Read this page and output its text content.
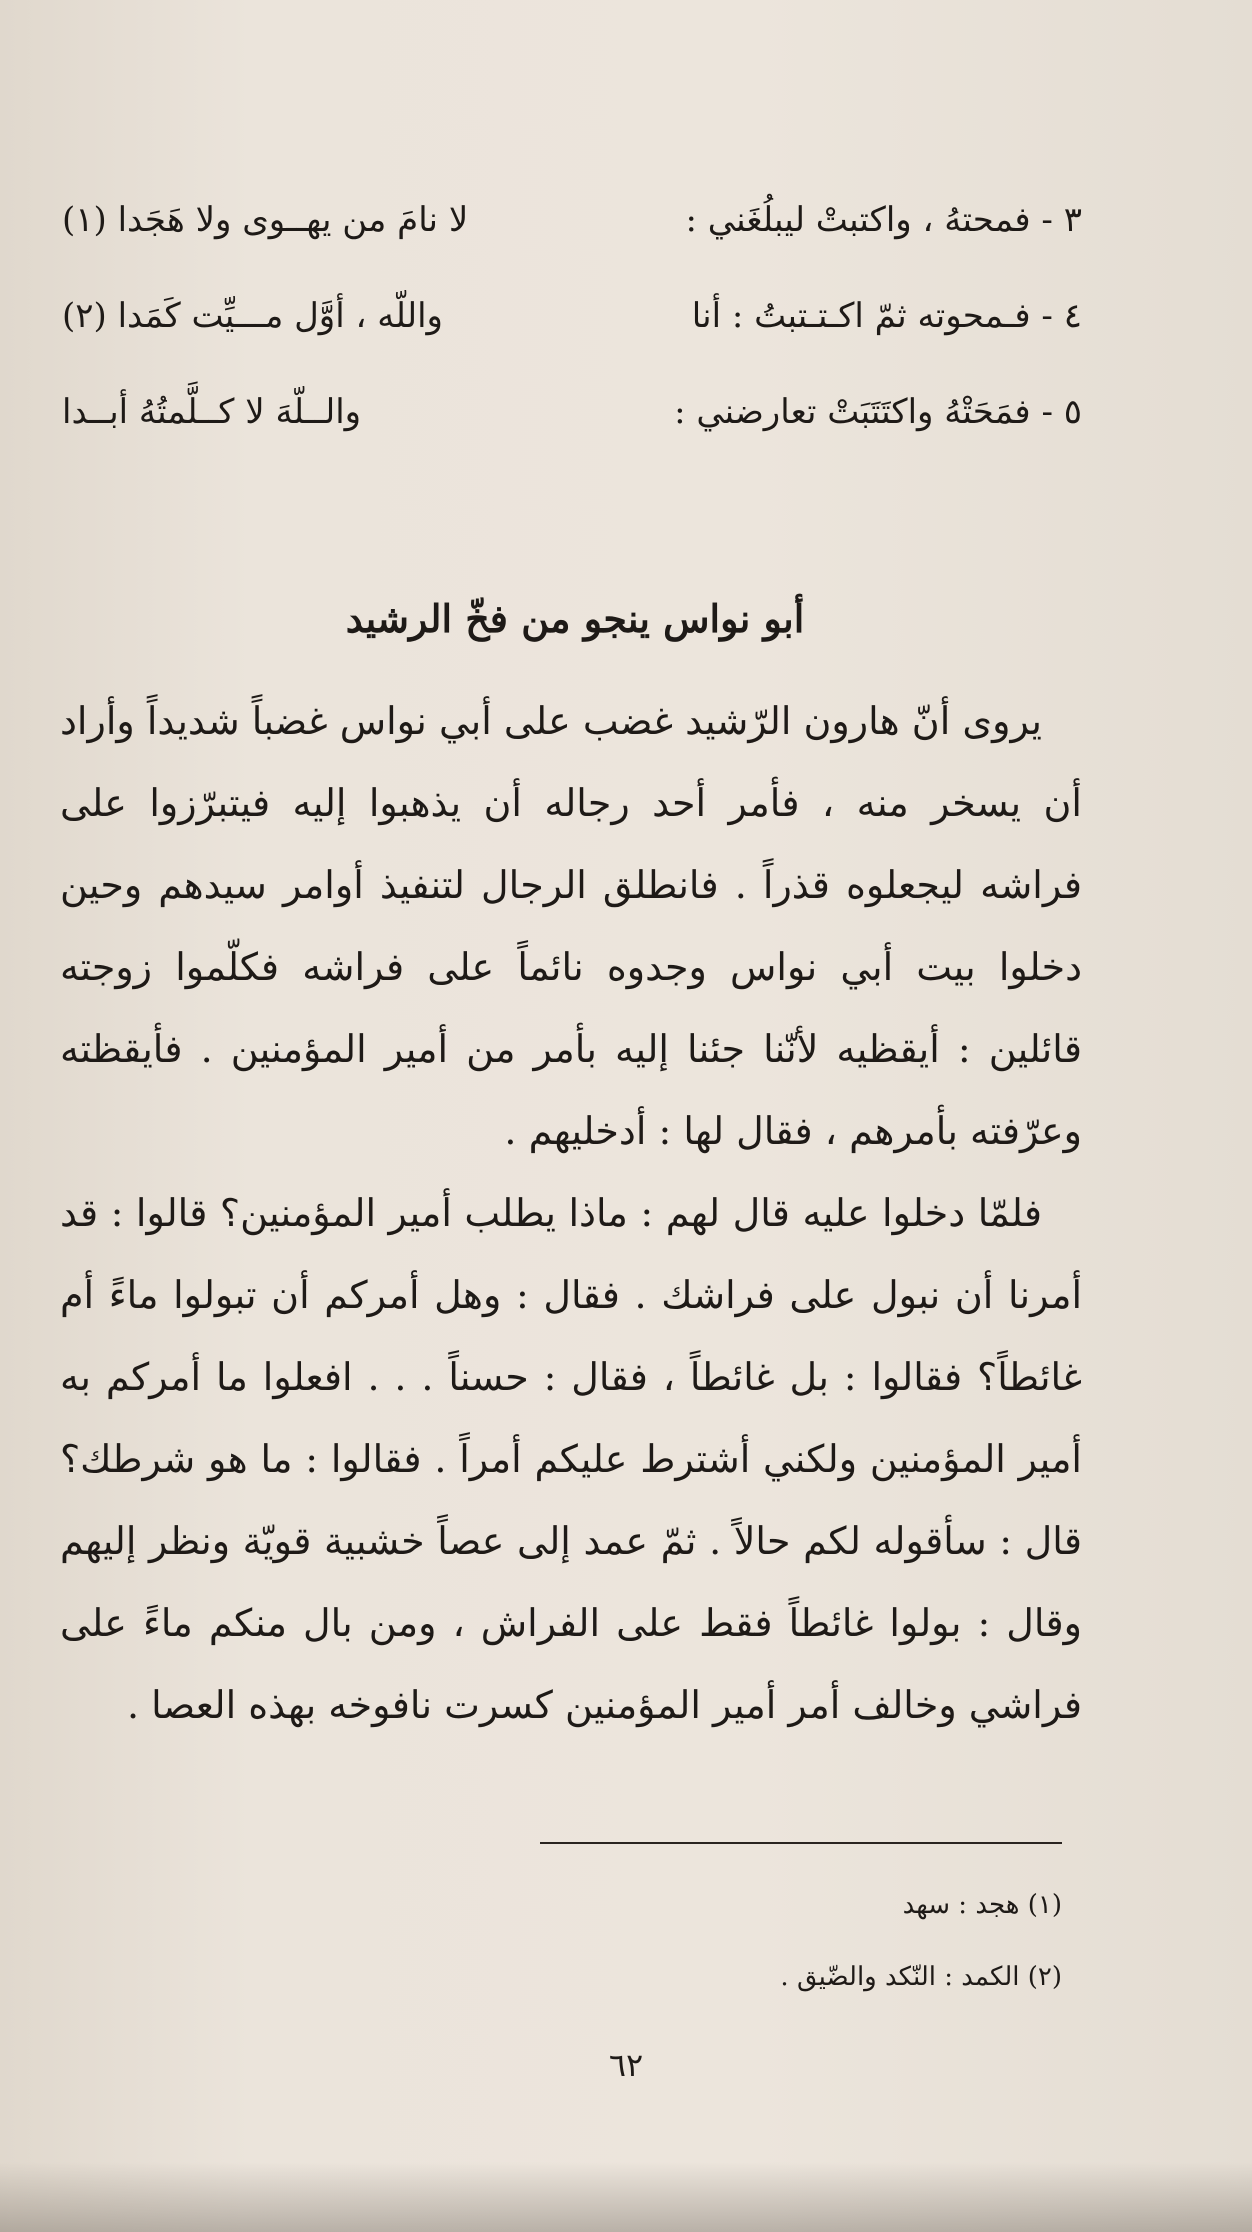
٣ - فمحتهُ ، واكتبتْ ليبلُغَني :
لا نامَ من يهــوى ولا هَجَدا (١)
٤ - فـمحوته ثمّ اكـتـتبتُ : أنا
واللّه ، أوَّل مـــيِّت كَمَدا (٢)
٥ - فمَحَتْهُ واكتَتَبَتْ تعارضني :
والــلّهَ لا كــلَّمتُهُ أبــدا
أبو نواس ينجو من فخّ الرشيد

يروى أنّ هارون الرّشيد غضب على أبي نواس غضباً شديداً وأراد أن يسخر منه ، فأمر أحد رجاله أن يذهبوا إليه فيتبرّزوا على فراشه ليجعلوه قذراً . فانطلق الرجال لتنفيذ أوامر سيدهم وحين دخلوا بيت أبي نواس وجدوه نائماً على فراشه فكلّموا زوجته قائلين : أيقظيه لأنّنا جئنا إليه بأمر من أمير المؤمنين . فأيقظته وعرّفته بأمرهم ، فقال لها : أدخليهم .

فلمّا دخلوا عليه قال لهم : ماذا يطلب أمير المؤمنين؟ قالوا : قد أمرنا أن نبول على فراشك . فقال : وهل أمركم أن تبولوا ماءً أم غائطاً؟ فقالوا : بل غائطاً ، فقال : حسناً . . . افعلوا ما أمركم به أمير المؤمنين ولكني أشترط عليكم أمراً . فقالوا : ما هو شرطك؟ قال : سأقوله لكم حالاً . ثمّ عمد إلى عصاً خشبية قويّة ونظر إليهم وقال : بولوا غائطاً فقط على الفراش ، ومن بال منكم ماءً على فراشي وخالف أمر أمير المؤمنين كسرت نافوخه بهذه العصا .

(١) هجد : سهد
(٢) الكمد : النّكد والضّيق .
٦٢
